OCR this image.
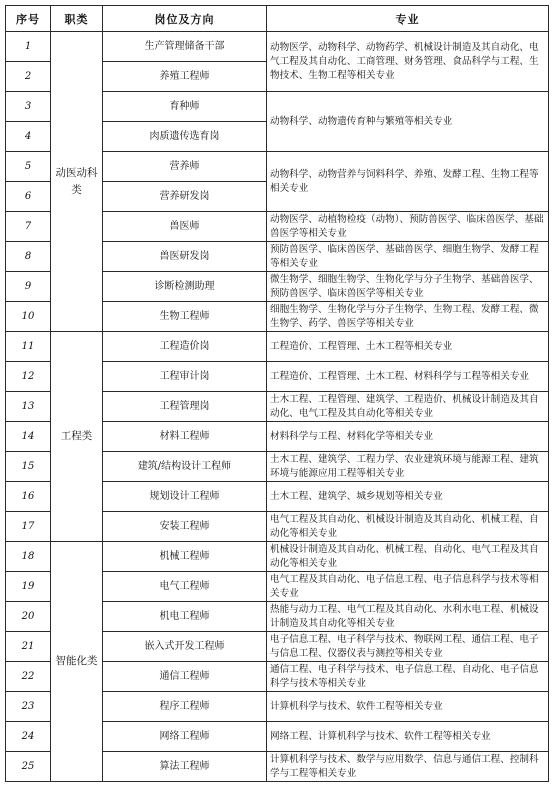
序号	职类	岗位及方向	专业
1	动医动科类	生产管理储备干部	动物医学、动物科学、动物药学、机械设计制造及其自动化、电气工程及其自动化、工商管理、财务管理、食品科学与工程、生物技术、生物工程等相关专业
2		养殖工程师	
3		育种师	动物科学、动物遗传育种与繁殖等相关专业
4		肉质遗传选育岗	
5		营养师	动物科学、动物营养与饲料科学、养殖、发酵工程、生物工程等相关专业
6		营养研发岗	
7		兽医师	动物医学、动植物检疫（动物）、预防兽医学、临床兽医学、基础兽医学等相关专业
8		兽医研发岗	预防兽医学、临床兽医学、基础兽医学、细胞生物学、发酵工程等相关专业
9		诊断检测助理	微生物学、细胞生物学、生物化学与分子生物学、基础兽医学、预防兽医学、临床兽医学等相关专业
10		生物工程师	细胞生物学、生物化学与分子生物学、生物工程、发酵工程、微生物学、药学、兽医学等相关专业
11	工程类	工程造价岗	工程造价、工程管理、土木工程等相关专业
12		工程审计岗	工程造价、工程管理、土木工程、材料科学与工程等相关专业
13		工程管理岗	土木工程、工程管理、建筑学、工程造价、机械设计制造及其自动化、电气工程及其自动化等相关专业
14		材料工程师	材料科学与工程、材料化学等相关专业
15		建筑/结构设计工程师	土木工程、建筑学、工程力学、农业建筑环境与能源工程、建筑环境与能源应用工程等相关专业
16		规划设计工程师	土木工程、建筑学、城乡规划等相关专业
17		安装工程师	电气工程及其自动化、机械设计制造及其自动化、机械工程、自动化等相关专业
18	智能化类	机械工程师	机械设计制造及其自动化、机械工程、自动化、电气工程及其自动化等相关专业
19		电气工程师	电气工程及其自动化、电子信息工程、电子信息科学与技术等相关专业
20		机电工程师	热能与动力工程、电气工程及其自动化、水利水电工程、机械设计制造及其自动化等相关专业
21		嵌入式开发工程师	电子信息工程、电子科学与技术、物联网工程、通信工程、电子与信息工程、仪器仪表与测控等相关专业
22		通信工程师	通信工程、电子科学与技术、电子信息工程、自动化、电子信息科学与技术等相关专业
23		程序工程师	计算机科学与技术、软件工程等相关专业
24		网络工程师	网络工程、计算机科学与技术、软件工程等相关专业
25		算法工程师	计算机科学与技术、数学与应用数学、信息与通信工程、控制科学与工程等相关专业
